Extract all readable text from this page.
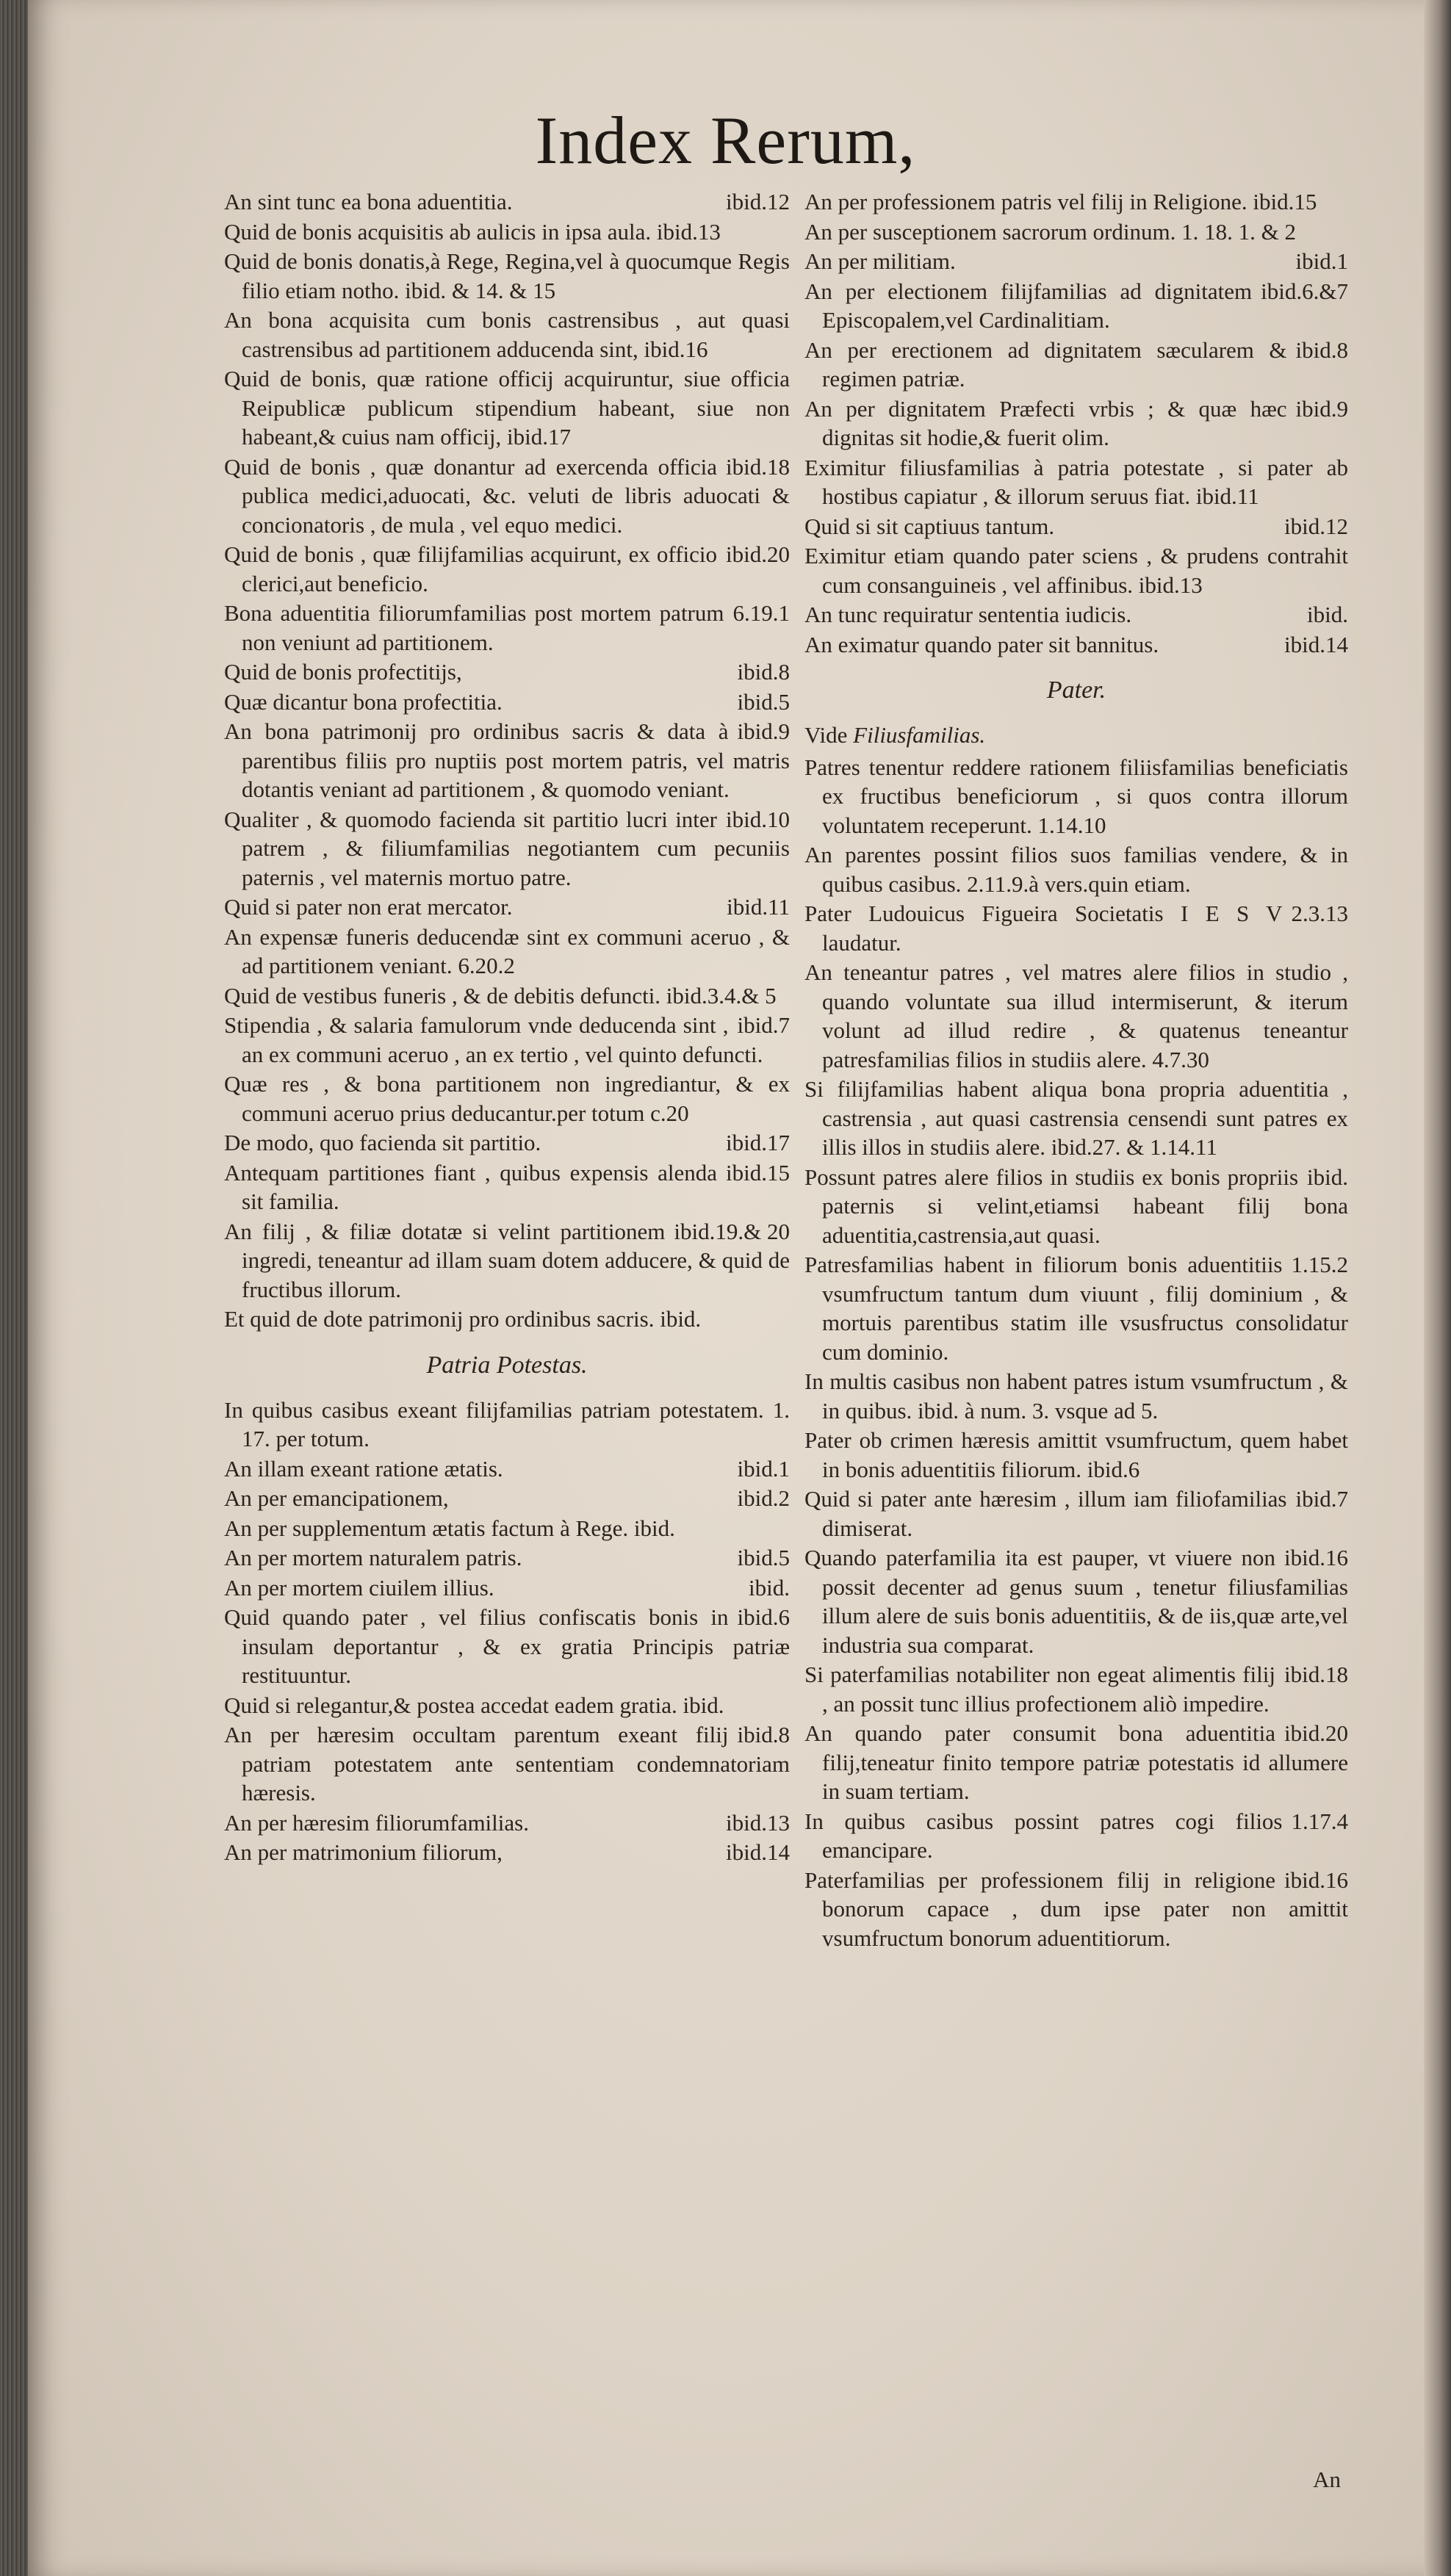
Index Rerum,
ibid.12
An sint tunc ea bona aduentitia.
Quid de bonis acquisitis ab aulicis in ipsa aula. ibid.13
Quid de bonis donatis,à Rege, Regina,vel à quocumque Regis filio etiam notho. ibid. & 14. & 15
An bona acquisita cum bonis castrensibus , aut quasi castrensibus ad partitionem adducenda sint, ibid.16
Quid de bonis, quæ ratione officij acquiruntur, siue officia Reipublicæ publicum stipendium habeant, siue non habeant,& cuius nam officij, ibid.17
ibid.18
Quid de bonis , quæ donantur ad exercenda officia publica medici,aduocati, &c. veluti de libris aduocati & concionatoris , de mula , vel equo medici.
ibid.20
Quid de bonis , quæ filijfamilias acquirunt, ex officio clerici,aut beneficio.
6.19.1
Bona aduentitia filiorumfamilias post mortem patrum non veniunt ad partitionem.
ibid.8
Quid de bonis profectitijs,
ibid.5
Quæ dicantur bona profectitia.
ibid.9
An bona patrimonij pro ordinibus sacris & data à parentibus filiis pro nuptiis post mortem patris, vel matris dotantis veniant ad partitionem , & quomodo veniant.
ibid.10
Qualiter , & quomodo facienda sit partitio lucri inter patrem , & filiumfamilias negotiantem cum pecuniis paternis , vel maternis mortuo patre.
ibid.11
Quid si pater non erat mercator.
An expensæ funeris deducendæ sint ex communi aceruo , & ad partitionem veniant. 6.20.2
Quid de vestibus funeris , & de debitis defuncti. ibid.3.4.& 5
ibid.7
Stipendia , & salaria famulorum vnde deducenda sint , an ex communi aceruo , an ex tertio , vel quinto defuncti.
Quæ res , & bona partitionem non ingrediantur, & ex communi aceruo prius deducantur.per totum c.20
ibid.17
De modo, quo facienda sit partitio.
ibid.15
Antequam partitiones fiant , quibus expensis alenda sit familia.
ibid.19.& 20
An filij , & filiæ dotatæ si velint partitionem ingredi, teneantur ad illam suam dotem adducere, & quid de fructibus illorum.
Et quid de dote patrimonij pro ordinibus sacris. ibid.
Patria Potestas.
In quibus casibus exeant filijfamilias patriam potestatem. 1. 17. per totum.
ibid.1
An illam exeant ratione ætatis.
ibid.2
An per emancipationem,
An per supplementum ætatis factum à Rege. ibid.
ibid.5
An per mortem naturalem patris.
ibid.
An per mortem ciuilem illius.
ibid.6
Quid quando pater , vel filius confiscatis bonis in insulam deportantur , & ex gratia Principis patriæ restituuntur.
Quid si relegantur,& postea accedat eadem gratia. ibid.
ibid.8
An per hæresim occultam parentum exeant filij patriam potestatem ante sententiam condemnatoriam hæresis.
ibid.13
An per hæresim filiorumfamilias.
ibid.14
An per matrimonium filiorum,
An per professionem patris vel filij in Religione. ibid.15
An per susceptionem sacrorum ordinum. 1. 18. 1. & 2
ibid.1
An per militiam.
ibid.6.&7
An per electionem filijfamilias ad dignitatem Episcopalem,vel Cardinalitiam.
ibid.8
An per erectionem ad dignitatem sæcularem & regimen patriæ.
ibid.9
An per dignitatem Præfecti vrbis ; & quæ hæc dignitas sit hodie,& fuerit olim.
Eximitur filiusfamilias à patria potestate , si pater ab hostibus capiatur , & illorum seruus fiat. ibid.11
ibid.12
Quid si sit captiuus tantum.
Eximitur etiam quando pater sciens , & prudens contrahit cum consanguineis , vel affinibus. ibid.13
ibid.
An tunc requiratur sententia iudicis.
ibid.14
An eximatur quando pater sit bannitus.
Pater.
Vide Filiusfamilias.
Patres tenentur reddere rationem filiisfamilias beneficiatis ex fructibus beneficiorum , si quos contra illorum voluntatem receperunt. 1.14.10
An parentes possint filios suos familias vendere, & in quibus casibus. 2.11.9.à vers.quin etiam.
2.3.13
Pater Ludouicus Figueira Societatis I E S V laudatur.
An teneantur patres , vel matres alere filios in studio , quando voluntate sua illud intermiserunt, & iterum volunt ad illud redire , & quatenus teneantur patresfamilias filios in studiis alere. 4.7.30
Si filijfamilias habent aliqua bona propria aduentitia , castrensia , aut quasi castrensia censendi sunt patres ex illis illos in studiis alere. ibid.27. & 1.14.11
ibid.
Possunt patres alere filios in studiis ex bonis propriis paternis si velint,etiamsi habeant filij bona aduentitia,castrensia,aut quasi.
1.15.2
Patresfamilias habent in filiorum bonis aduentitiis vsumfructum tantum dum viuunt , filij dominium , & mortuis parentibus statim ille vsusfructus consolidatur cum dominio.
In multis casibus non habent patres istum vsumfructum , & in quibus. ibid. à num. 3. vsque ad 5.
Pater ob crimen hæresis amittit vsumfructum, quem habet in bonis aduentitiis filiorum. ibid.6
ibid.7
Quid si pater ante hæresim , illum iam filiofamilias dimiserat.
ibid.16
Quando paterfamilia ita est pauper, vt viuere non possit decenter ad genus suum , tenetur filiusfamilias illum alere de suis bonis aduentitiis, & de iis,quæ arte,vel industria sua comparat.
ibid.18
Si paterfamilias notabiliter non egeat alimentis filij , an possit tunc illius profectionem aliò impedire.
ibid.20
An quando pater consumit bona aduentitia filij,teneatur finito tempore patriæ potestatis id allumere in suam tertiam.
1.17.4
In quibus casibus possint patres cogi filios emancipare.
ibid.16
Paterfamilias per professionem filij in religione bonorum capace , dum ipse pater non amittit vsumfructum bonorum aduentitiorum.
An
